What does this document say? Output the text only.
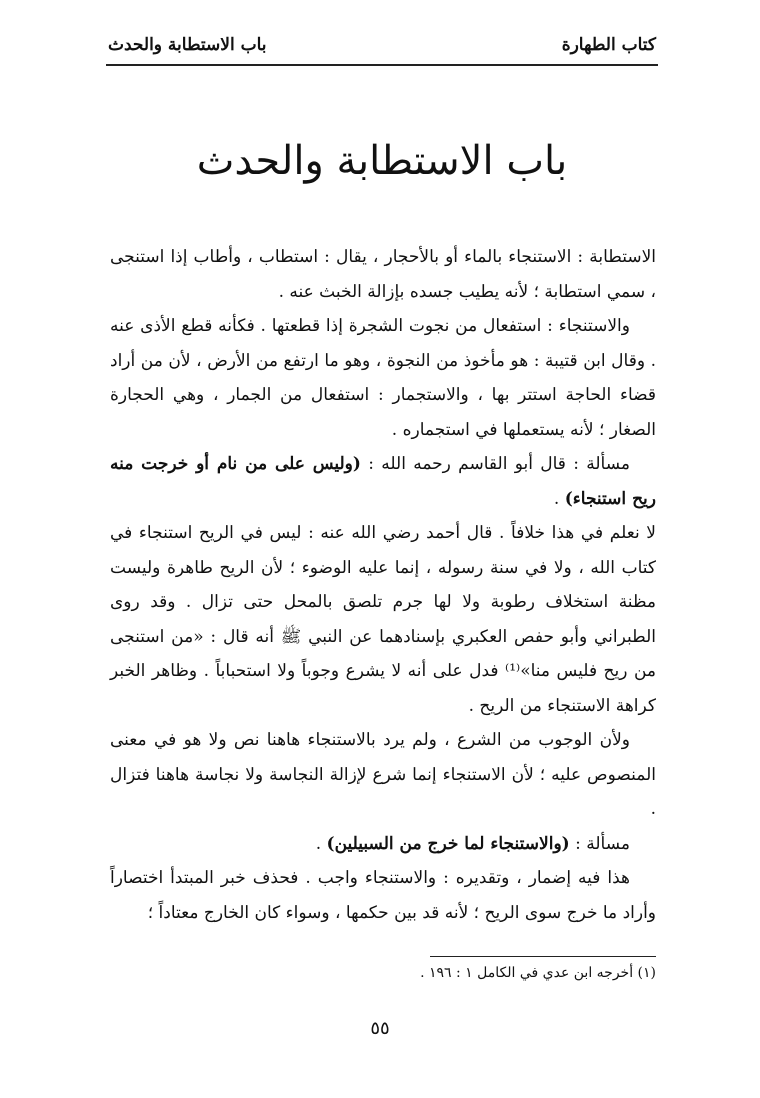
كتاب الطهارة
باب الاستطابة والحدث
باب الاستطابة والحدث

الاستطابة : الاستنجاء بالماء أو بالأحجار ، يقال : استطاب ، وأطاب إذا استنجى ، سمي استطابة ؛ لأنه يطيب جسده بإزالة الخبث عنه .

والاستنجاء : استفعال من نجوت الشجرة إذا قطعتها . فكأنه قطع الأذى عنه . وقال ابن قتيبة : هو مأخوذ من النجوة ، وهو ما ارتفع من الأرض ، لأن من أراد قضاء الحاجة استتر بها ، والاستجمار : استفعال من الجمار ، وهي الحجارة الصغار ؛ لأنه يستعملها في استجماره .

مسألة : قال أبو القاسم رحمه الله : (وليس على من نام أو خرجت منه ريح استنجاء) .

لا نعلم في هذا خلافاً . قال أحمد رضي الله عنه : ليس في الريح استنجاء في كتاب الله ، ولا في سنة رسوله ، إنما عليه الوضوء ؛ لأن الريح طاهرة وليست مظنة استخلاف رطوبة ولا لها جرم تلصق بالمحل حتى تزال . وقد روى الطبراني وأبو حفص العكبري بإسنادهما عن النبي ﷺ أنه قال : «من استنجى من ريح فليس منا»⁽¹⁾ فدل على أنه لا يشرع وجوباً ولا استحباباً . وظاهر الخبر كراهة الاستنجاء من الريح .

ولأن الوجوب من الشرع ، ولم يرد بالاستنجاء هاهنا نص ولا هو في معنى المنصوص عليه ؛ لأن الاستنجاء إنما شرع لإزالة النجاسة ولا نجاسة هاهنا فتزال .

مسألة : (والاستنجاء لما خرج من السبيلين) .

هذا فيه إضمار ، وتقديره : والاستنجاء واجب . فحذف خبر المبتدأ اختصاراً وأراد ما خرج سوى الريح ؛ لأنه قد بين حكمها ، وسواء كان الخارج معتاداً ؛

(١) أخرجه ابن عدي في الكامل ١ : ١٩٦ .
٥٥
